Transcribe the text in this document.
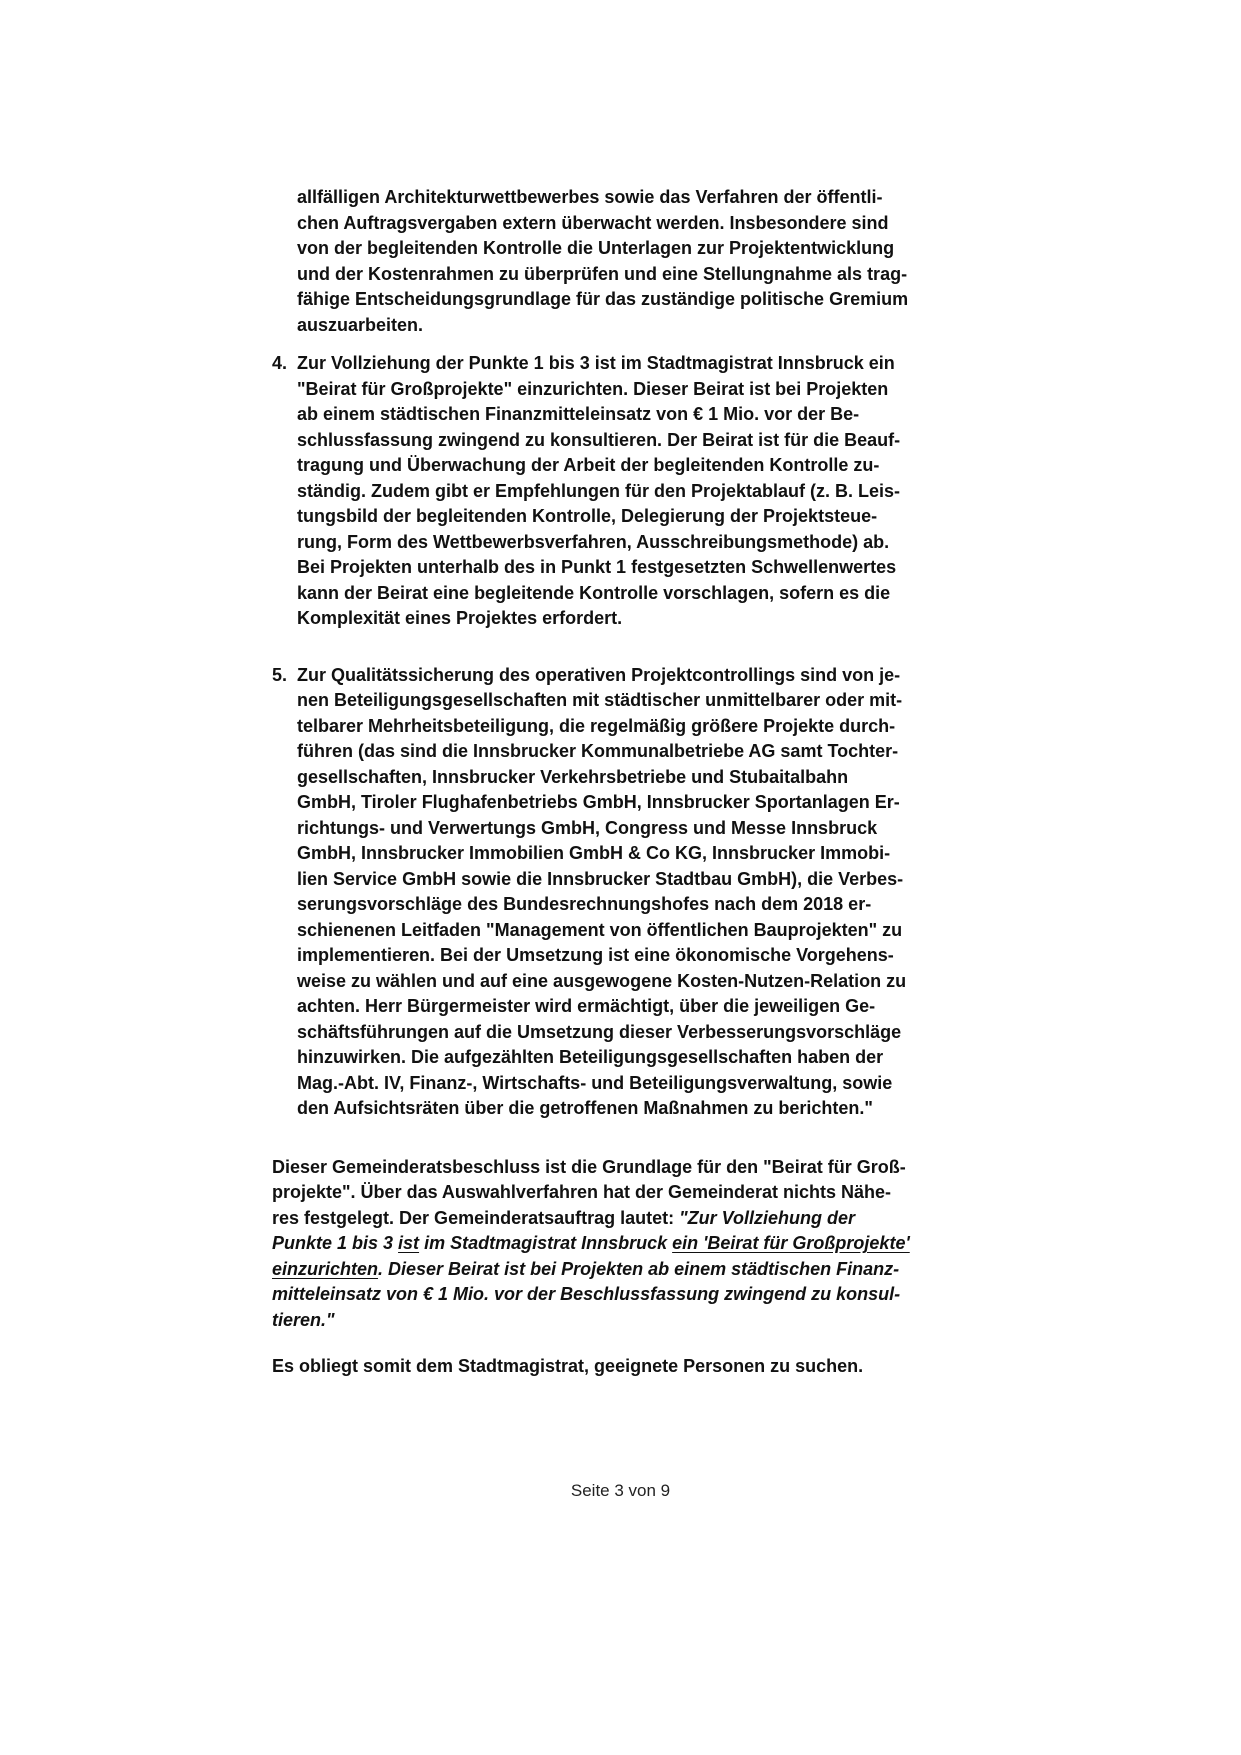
allfälligen Architekturwettbewerbes sowie das Verfahren der öffentli-
chen Auftragsvergaben extern überwacht werden. Insbesondere sind
von der begleitenden Kontrolle die Unterlagen zur Projektentwicklung
und der Kostenrahmen zu überprüfen und eine Stellungnahme als trag-
fähige Entscheidungsgrundlage für das zuständige politische Gremium
auszuarbeiten.
4. Zur Vollziehung der Punkte 1 bis 3 ist im Stadtmagistrat Innsbruck ein
"Beirat für Großprojekte" einzurichten. Dieser Beirat ist bei Projekten
ab einem städtischen Finanzmitteleinsatz von € 1 Mio. vor der Be-
schlussfassung zwingend zu konsultieren. Der Beirat ist für die Beauf-
tragung und Überwachung der Arbeit der begleitenden Kontrolle zu-
ständig. Zudem gibt er Empfehlungen für den Projektablauf (z. B. Leis-
tungsbild der begleitenden Kontrolle, Delegierung der Projektsteue-
rung, Form des Wettbewerbsverfahren, Ausschreibungsmethode) ab.
Bei Projekten unterhalb des in Punkt 1 festgesetzten Schwellenwertes
kann der Beirat eine begleitende Kontrolle vorschlagen, sofern es die
Komplexität eines Projektes erfordert.
5. Zur Qualitätssicherung des operativen Projektcontrollings sind von je-
nen Beteiligungsgesellschaften mit städtischer unmittelbarer oder mit-
telbarer Mehrheitsbeteiligung, die regelmäßig größere Projekte durch-
führen (das sind die Innsbrucker Kommunalbetriebe AG samt Tochter-
gesellschaften, Innsbrucker Verkehrsbetriebe und Stubaitalbahn
GmbH, Tiroler Flughafenbetriebs GmbH, Innsbrucker Sportanlagen Er-
richtungs- und Verwertungs GmbH, Congress und Messe Innsbruck
GmbH, Innsbrucker Immobilien GmbH & Co KG, Innsbrucker Immobi-
lien Service GmbH sowie die Innsbrucker Stadtbau GmbH), die Verbes-
serungsvorschläge des Bundesrechnungshofes nach dem 2018 er-
schienenen Leitfaden "Management von öffentlichen Bauprojekten" zu
implementieren. Bei der Umsetzung ist eine ökonomische Vorgehens-
weise zu wählen und auf eine ausgewogene Kosten-Nutzen-Relation zu
achten. Herr Bürgermeister wird ermächtigt, über die jeweiligen Ge-
schäftsführungen auf die Umsetzung dieser Verbesserungsvorschläge
hinzuwirken. Die aufgezählten Beteiligungsgesellschaften haben der
Mag.-Abt. IV, Finanz-, Wirtschafts- und Beteiligungsverwaltung, sowie
den Aufsichtsräten über die getroffenen Maßnahmen zu berichten."
Dieser Gemeinderatsbeschluss ist die Grundlage für den "Beirat für Groß-
projekte". Über das Auswahlverfahren hat der Gemeinderat nichts Nähe-
res festgelegt. Der Gemeinderatsauftrag lautet: "Zur Vollziehung der
Punkte 1 bis 3 ist im Stadtmagistrat Innsbruck ein 'Beirat für Großprojekte'
einzurichten. Dieser Beirat ist bei Projekten ab einem städtischen Finanz-
mitteleinsatz von € 1 Mio. vor der Beschlussfassung zwingend zu konsul-
tieren."
Es obliegt somit dem Stadtmagistrat, geeignete Personen zu suchen.
Seite 3 von 9
